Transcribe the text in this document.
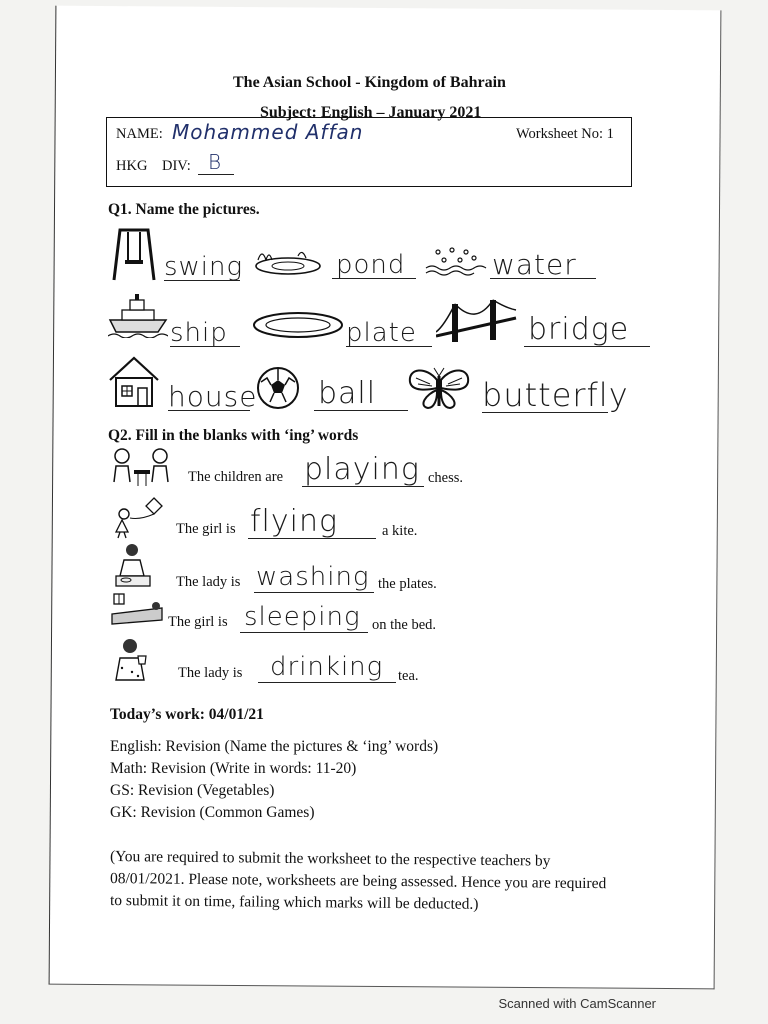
The Asian School - Kingdom of Bahrain
Subject: English – January 2021
NAME: Mohammed Affan	Worksheet No: 1
HKG DIV: B
Q1. Name the pictures.
swing	pond	water
ship	plate	bridge
house ball	butterfly
Q2. Fill in the blanks with ‘ing’ words
The children are playing chess.
The girl is flying	a kite.
The lady is washing the plates.
The girl is sleeping on the bed.
The lady is drinking tea.
Today’s work: 04/01/21
English: Revision (Name the pictures & ‘ing’ words)
Math: Revision (Write in words: 11-20)
GS: Revision (Vegetables)
GK: Revision (Common Games)
(You are required to submit the worksheet to the respective teachers by
08/01/2021. Please note, worksheets are being assessed. Hence you are required
to submit it on time, failing which marks will be deducted.)
Scanned with CamScanner
